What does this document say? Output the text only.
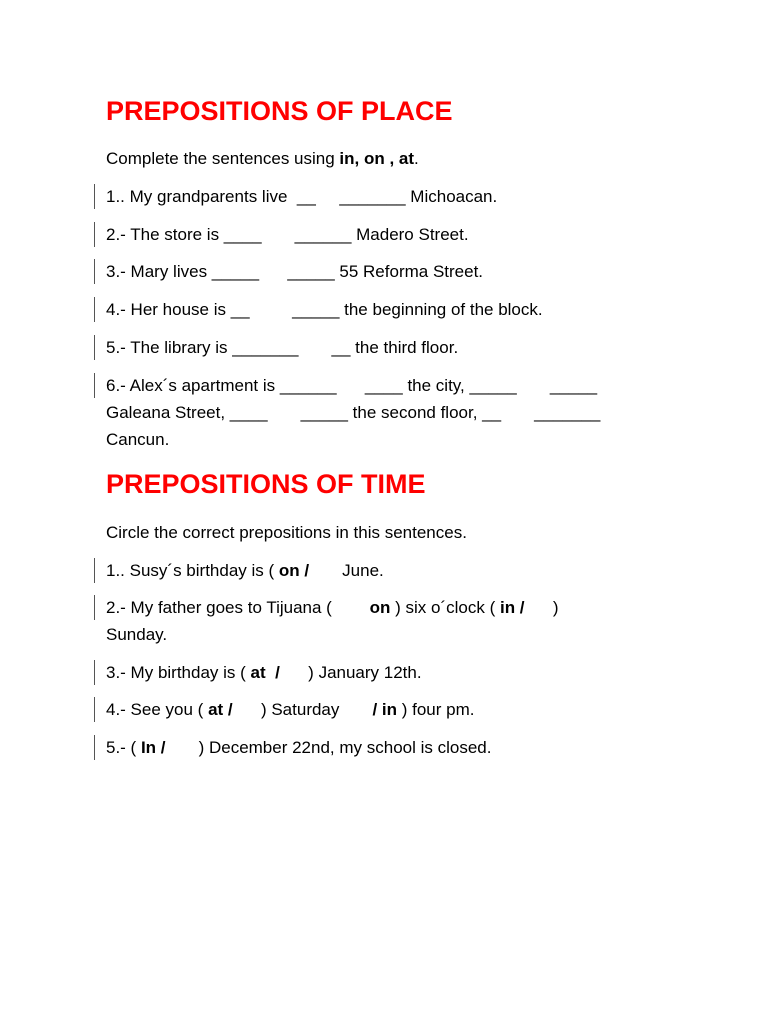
PREPOSITIONS OF PLACE

Complete the sentences using in, on , at.

1.. My grandparents live  __     _______ Michoacan.
2.- The store is ____       ______ Madero Street.
3.- Mary lives _____      _____ 55 Reforma Street.
4.- Her house is __         _____ the beginning of the block.
5.- The library is _______       __ the third floor.
6.- Alex´s apartment is ______      ____ the city, _____       _____
Galeana Street, ____       _____ the second floor, __       _______
Cancun.
PREPOSITIONS OF TIME

Circle the correct prepositions in this sentences.

1.. Susy´s birthday is ( on /       June.
2.- My father goes to Tijuana (        on ) six o´clock ( in /      )
Sunday.
3.- My birthday is ( at  /      ) January 12th.
4.- See you ( at /      ) Saturday       / in ) four pm.
5.- ( In /       ) December 22nd, my school is closed.
